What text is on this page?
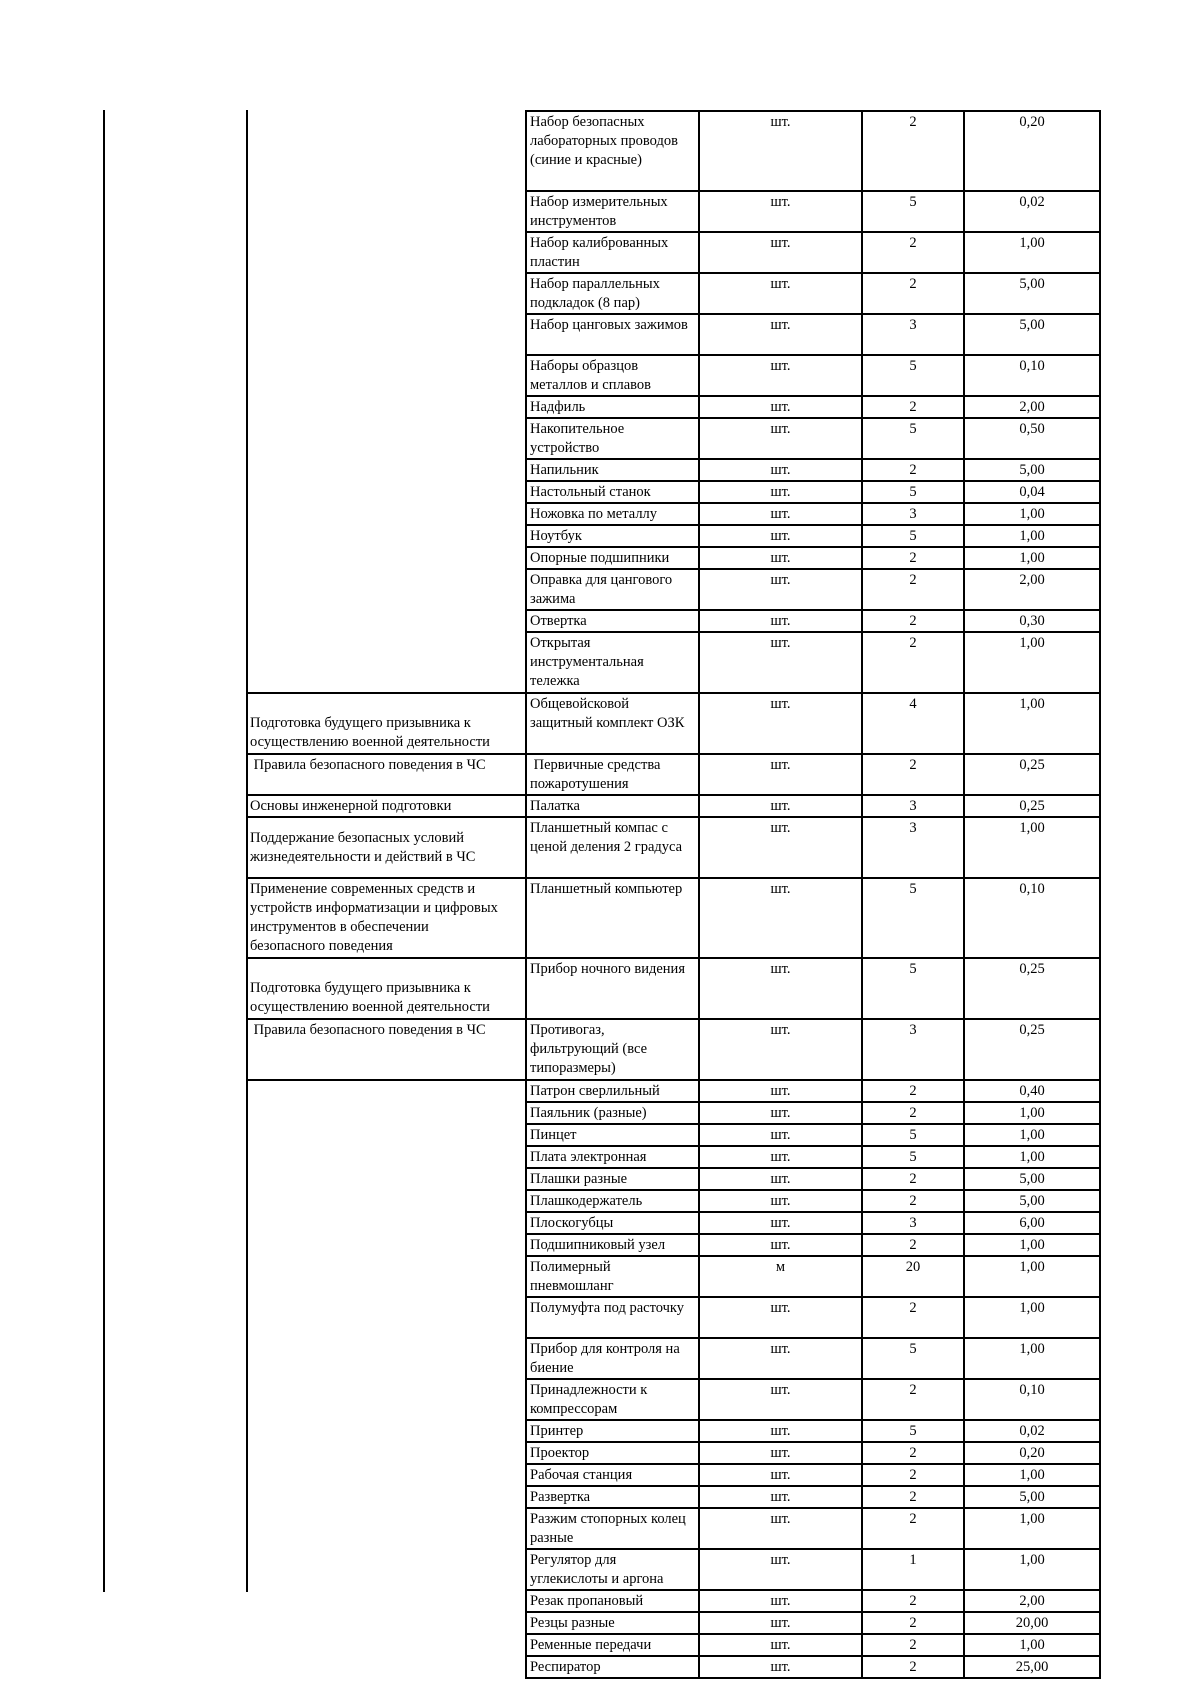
	Набор безопасных
лабораторных проводов
(синие и красные)	шт.	2	0,20
	Набор измерительных
инструментов	шт.	5	0,02
	Набор калиброванных
пластин	шт.	2	1,00
	Набор параллельных
подкладок (8 пар)	шт.	2	5,00
	Набор цанговых зажимов	шт.	3	5,00
	Наборы образцов
металлов и сплавов	шт.	5	0,10
	Надфиль	шт.	2	2,00
	Накопительное устройство	шт.	5	0,50
	Напильник	шт.	2	5,00
	Настольный станок	шт.	5	0,04
	Ножовка по металлу	шт.	3	1,00
	Ноутбук	шт.	5	1,00
	Опорные подшипники	шт.	2	1,00
	Оправка для цангового
зажима	шт.	2	2,00
	Отвертка	шт.	2	0,30
	Открытая
инструментальная
тележка	шт.	2	1,00

Подготовка будущего призывника к
осуществлению военной деятельности	Общевойсковой
защитный комплект ОЗК	шт.	4	1,00
Правила безопасного поведения в ЧС	Первичные средства
пожаротушения	шт.	2	0,25
Основы инженерной подготовки	Палатка	шт.	3	0,25
Поддержание безопасных условий
жизнедеятельности и действий в ЧС	Планшетный компас с
ценой деления 2 градуса	шт.	3	1,00
Применение современных средств и
устройств информатизации и цифровых
инструментов в обеспечении
безопасного поведения	Планшетный компьютер	шт.	5	0,10

Подготовка будущего призывника к
осуществлению военной деятельности	Прибор ночного видения	шт.	5	0,25
Правила безопасного поведения в ЧС	Противогаз,
фильтрующий (все
типоразмеры)	шт.	3	0,25
	Патрон сверлильный	шт.	2	0,40
	Паяльник (разные)	шт.	2	1,00
	Пинцет	шт.	5	1,00
	Плата электронная	шт.	5	1,00
	Плашки разные	шт.	2	5,00
	Плашкодержатель	шт.	2	5,00
	Плоскогубцы	шт.	3	6,00
	Подшипниковый узел	шт.	2	1,00
	Полимерный пневмошланг	м	20	1,00
	Полумуфта под расточку	шт.	2	1,00
	Прибор для контроля на
биение	шт.	5	1,00
	Принадлежности к
компрессорам	шт.	2	0,10
	Принтер	шт.	5	0,02
	Проектор	шт.	2	0,20
	Рабочая станция	шт.	2	1,00
	Развертка	шт.	2	5,00
	Разжим стопорных колец
разные	шт.	2	1,00
	Регулятор для
углекислоты и аргона	шт.	1	1,00
	Резак пропановый	шт.	2	2,00
	Резцы разные	шт.	2	20,00
	Ременные передачи	шт.	2	1,00
	Респиратор	шт.	2	25,00
